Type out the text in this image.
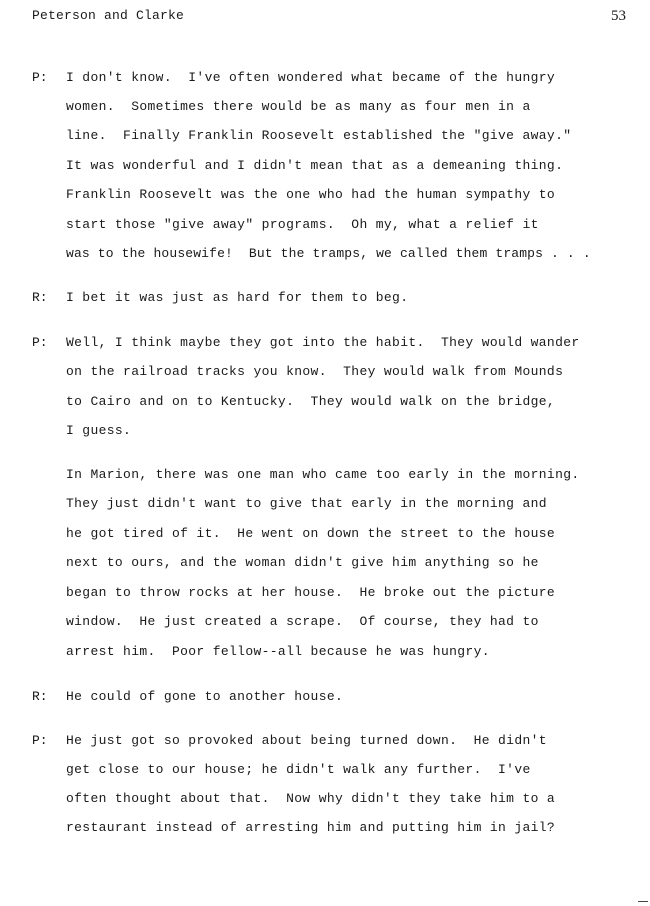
Peterson and Clarke	53
P:
R:
P:
R:
P:
I don't know.  I've often wondered what became of the hungry
women.  Sometimes there would be as many as four men in a
line.  Finally Franklin Roosevelt established the "give away."
It was wonderful and I didn't mean that as a demeaning thing.
Franklin Roosevelt was the one who had the human sympathy to
start those "give away" programs.  Oh my, what a relief it
was to the housewife!  But the tramps, we called them tramps . . .
I bet it was just as hard for them to beg.
Well, I think maybe they got into the habit.  They would wander
on the railroad tracks you know.  They would walk from Mounds
to Cairo and on to Kentucky.  They would walk on the bridge,
I guess.
In Marion, there was one man who came too early in the morning.
They just didn't want to give that early in the morning and
he got tired of it.  He went on down the street to the house
next to ours, and the woman didn't give him anything so he
began to throw rocks at her house.  He broke out the picture
window.  He just created a scrape.  Of course, they had to
arrest him.  Poor fellow--all because he was hungry.
He could of gone to another house.
He just got so provoked about being turned down.  He didn't
get close to our house; he didn't walk any further.  I've
often thought about that.  Now why didn't they take him to a
restaurant instead of arresting him and putting him in jail?
